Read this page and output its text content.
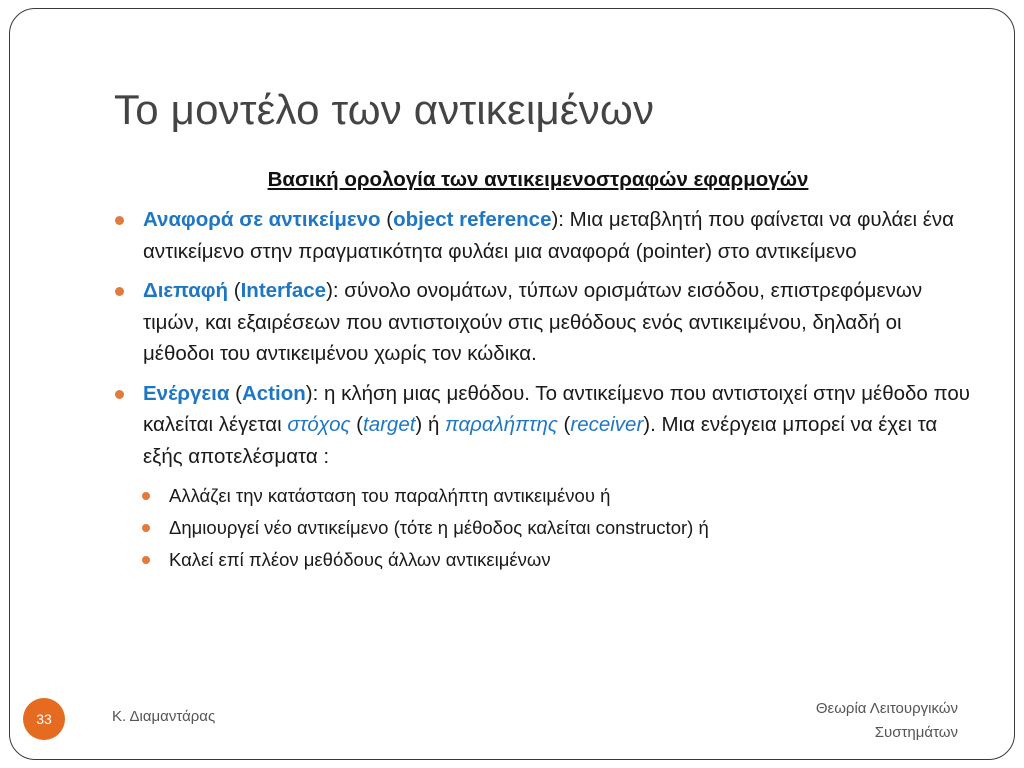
Το μοντέλο των αντικειμένων
Βασική ορολογία των αντικειμενοστραφών εφαρμογών
Αναφορά σε αντικείμενο (object reference): Μια μεταβλητή που φαίνεται να φυλάει ένα αντικείμενο στην πραγματικότητα φυλάει μια αναφορά (pointer) στο αντικείμενο
Διεπαφή (Interface): σύνολο ονομάτων, τύπων ορισμάτων εισόδου, επιστρεφόμενων τιμών, και εξαιρέσεων που αντιστοιχούν στις μεθόδους ενός αντικειμένου, δηλαδή οι μέθοδοι του αντικειμένου χωρίς τον κώδικα.
Ενέργεια (Action): η κλήση μιας μεθόδου. Το αντικείμενο που αντιστοιχεί στην μέθοδο που καλείται λέγεται στόχος (target) ή παραλήπτης (receiver). Μια ενέργεια μπορεί να έχει τα εξής αποτελέσματα :
Αλλάζει την κατάσταση του παραλήπτη αντικειμένου ή
Δημιουργεί νέο αντικείμενο (τότε η μέθοδος καλείται constructor) ή
Καλεί επί πλέον μεθόδους άλλων αντικειμένων
33	Κ. Διαμαντάρας	Θεωρία Λειτουργικών
Συστημάτων
